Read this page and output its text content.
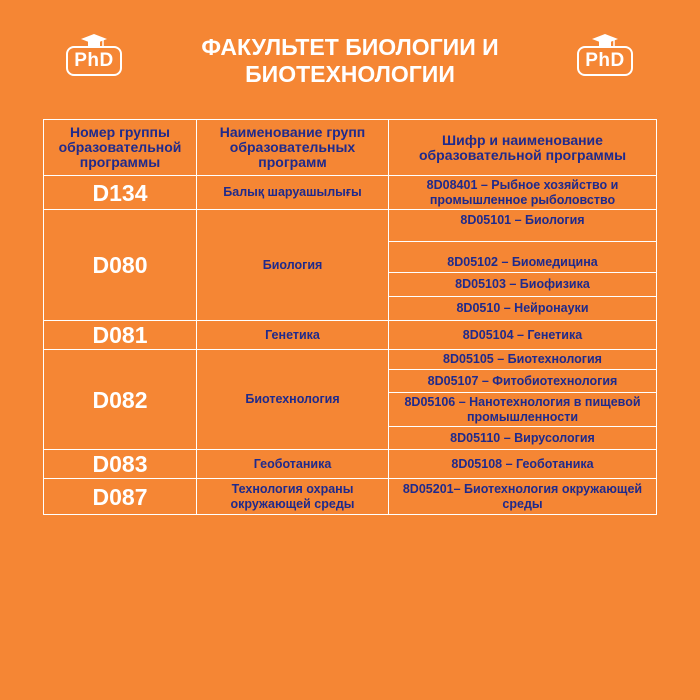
PhD
ФАКУЛЬТЕТ БИОЛОГИИ И БИОТЕХНОЛОГИИ
PhD
Номер группы образовательной программы	Наименование групп образовательных программ	Шифр и наименование образовательной программы
D134	Балық шаруашылығы	8D08401 – Рыбное хозяйство и промышленное рыболовство
D080	Биология	8D05101 – Биология
		8D05102 – Биомедицина
		8D05103 – Биофизика
		8D0510 – Нейронауки
D081	Генетика	8D05104 – Генетика
D082	Биотехнология	8D05105 – Биотехнология
		8D05107 – Фитобиотехнология
		8D05106 – Нанотехнология в пищевой промышленности
		8D05110 – Вирусология
D083	Геоботаника	8D05108 – Геоботаника
D087	Технология охраны окружающей среды	8D05201– Биотехнология окружающей среды
